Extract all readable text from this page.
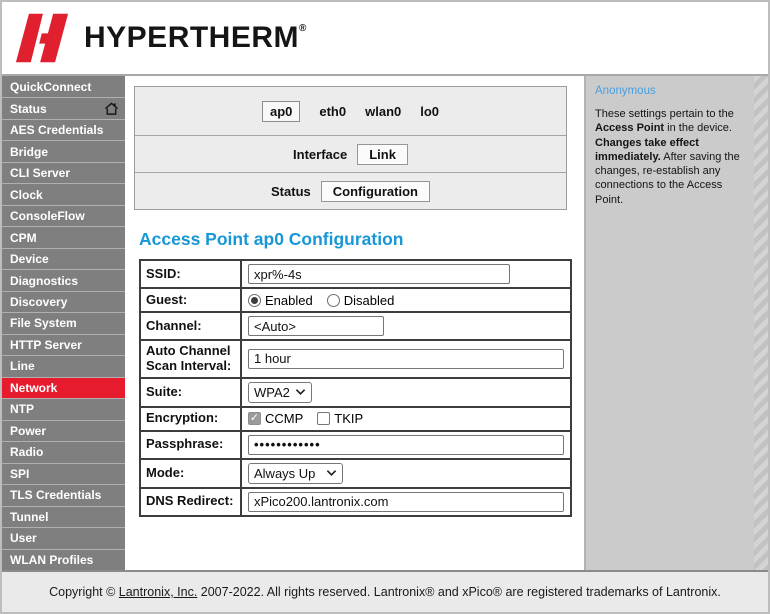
HYPERTHERM ®
QuickConnect
Status
AES Credentials
Bridge
CLI Server
Clock
ConsoleFlow
CPM
Device
Diagnostics
Discovery
File System
HTTP Server
Line
Network
NTP
Power
Radio
SPI
TLS Credentials
Tunnel
User
WLAN Profiles
ap0	eth0 wlan0 lo0
Interface	Link
Status	Configuration
Access Point ap0 Configuration
SSID:	xpr%-4s
Guest:	Enabled Disabled

Channel:	<Auto>
Auto Channel Scan Interval:	1 hour
Suite:	WPA2

Encryption:	✓ CCMP TKIP

Passphrase:	••••••••••••
Mode:	Always Up

DNS Redirect:	xPico200.lantronix.com
Anonymous
These settings pertain to the Access Point in the device. Changes take effect immediately. After saving the changes, re-establish any connections to the Access Point.
Copyright © Lantronix, Inc. 2007-2022. All rights reserved. Lantronix® and xPico® are registered trademarks of Lantronix.
